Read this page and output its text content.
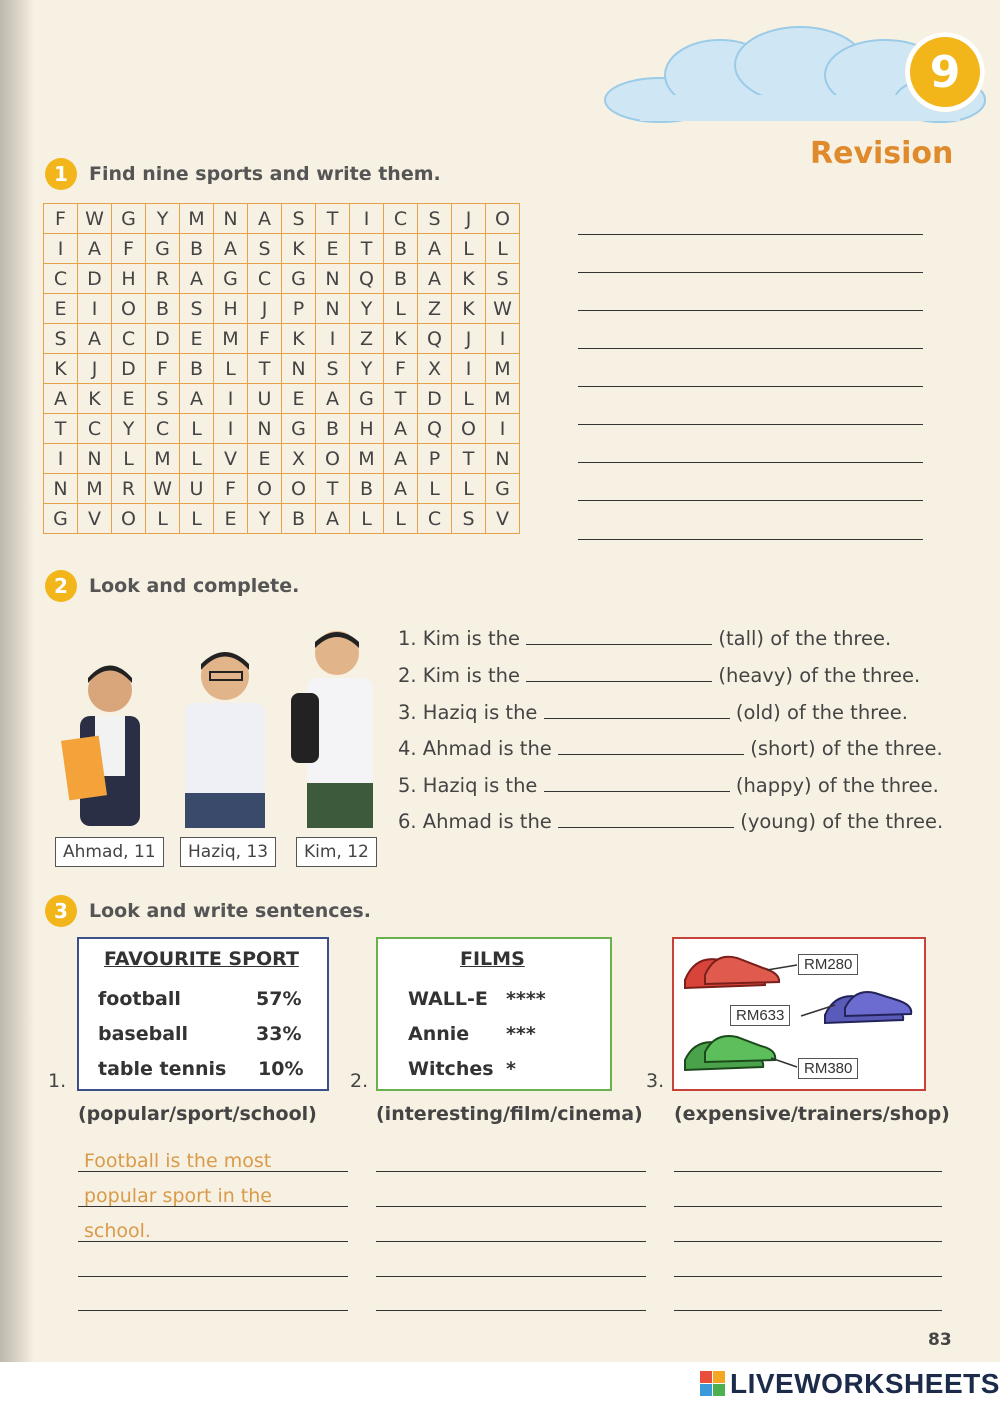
9
Revision
1	Find nine sports and write them.
F	W	G	Y	M	N	A	S	T	I	C	S	J	O
I	A	F	G	B	A	S	K	E	T	B	A	L	L
C	D	H	R	A	G	C	G	N	Q	B	A	K	S
E	I	O	B	S	H	J	P	N	Y	L	Z	K	W
S	A	C	D	E	M	F	K	I	Z	K	Q	J	I
K	J	D	F	B	L	T	N	S	Y	F	X	I	M
A	K	E	S	A	I	U	E	A	G	T	D	L	M
T	C	Y	C	L	I	N	G	B	H	A	Q	O	I
I	N	L	M	L	V	E	X	O	M	A	P	T	N
N	M	R	W	U	F	O	O	T	B	A	L	L	G
G	V	O	L	L	E	Y	B	A	L	L	C	S	V
2	Look and complete.
Ahmad, 11	Haziq, 13	Kim, 12
1. Kim is the	(tall) of the three.
2. Kim is the	(heavy) of the three.
3. Haziq is the	(old) of the three.
4. Ahmad is the	(short) of the three.
5. Haziq is the	(happy) of the three.
6. Ahmad is the	(young) of the three.
3	Look and write sentences.
FAVOURITE SPORT
football	57%
baseball	33%
table tennis 10%
FILMS
WALL-E ****
Annie ***
Witches *
RM280
RM633
RM380
1.	2.	3.
(popular/sport/school)	(interesting/film/cinema) (expensive/trainers/shop)
Football is the most
popular sport in the
school.
83
LIVEWORKSHEETS
